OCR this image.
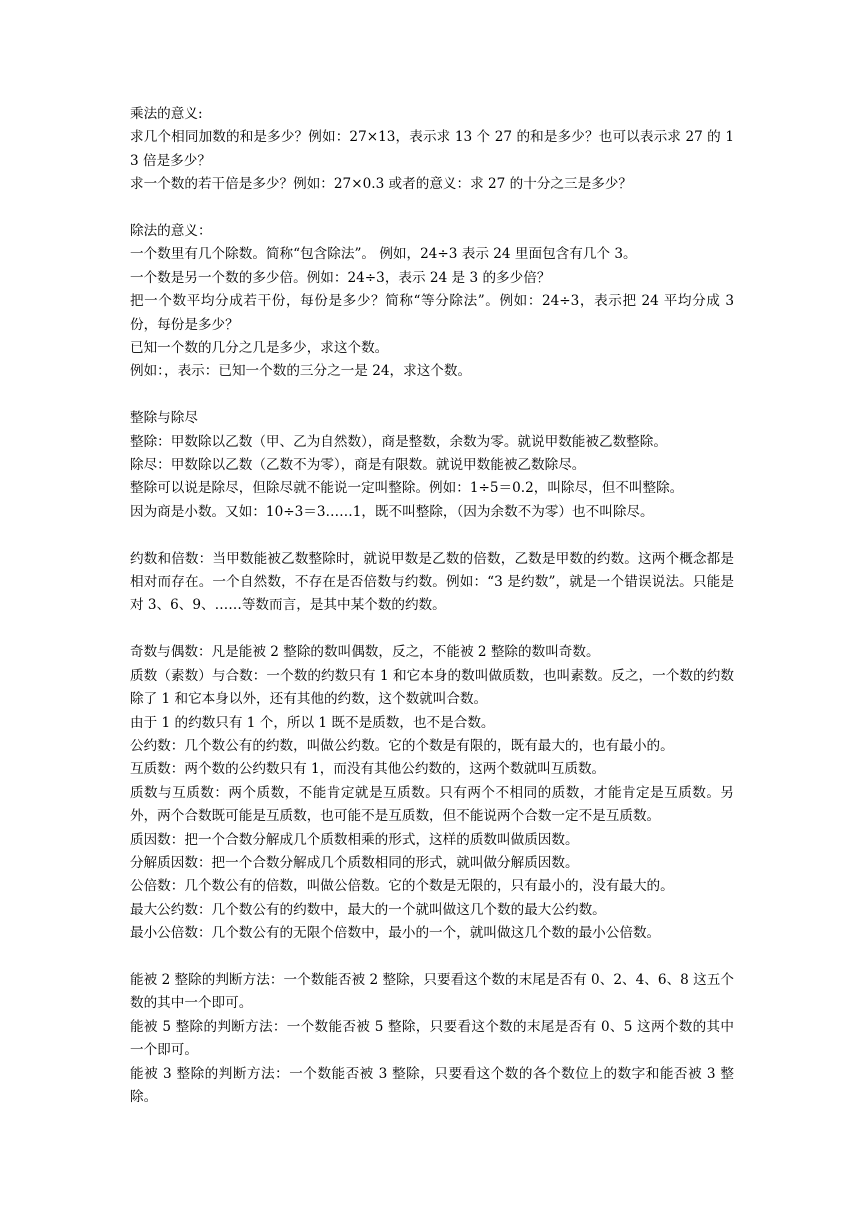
乘法的意义:
求几个相同加数的和是多少？例如：27×13，表示求 13 个 27 的和是多少？也可以表示求 27 的 13 倍是多少？
求一个数的若干倍是多少？例如：27×0.3 或者的意义：求 27 的十分之三是多少？
除法的意义：
一个数里有几个除数。简称“包含除法”。 例如，24÷3 表示 24 里面包含有几个 3。
一个数是另一个数的多少倍。例如：24÷3，表示 24 是 3 的多少倍？
把一个数平均分成若干份，每份是多少？简称“等分除法”。例如：24÷3，表示把 24 平均分成 3 份，每份是多少？
已知一个数的几分之几是多少，求这个数。
例如：，表示：已知一个数的三分之一是 24，求这个数。
整除与除尽
整除：甲数除以乙数（甲、乙为自然数），商是整数，余数为零。就说甲数能被乙数整除。
除尽：甲数除以乙数（乙数不为零），商是有限数。就说甲数能被乙数除尽。
整除可以说是除尽，但除尽就不能说一定叫整除。例如：1÷5＝0.2，叫除尽，但不叫整除。
因为商是小数。又如：10÷3＝3……1，既不叫整除，（因为余数不为零）也不叫除尽。
约数和倍数：当甲数能被乙数整除时，就说甲数是乙数的倍数，乙数是甲数的约数。这两个概念都是相对而存在。一个自然数，不存在是否倍数与约数。例如：“3 是约数”，就是一个错误说法。只能是对 3、6、9、……等数而言，是其中某个数的约数。
奇数与偶数：凡是能被 2 整除的数叫偶数，反之，不能被 2 整除的数叫奇数。
质数（素数）与合数：一个数的约数只有 1 和它本身的数叫做质数，也叫素数。反之，一个数的约数除了 1 和它本身以外，还有其他的约数，这个数就叫合数。
由于 1 的约数只有 1 个，所以 1 既不是质数，也不是合数。
公约数：几个数公有的约数，叫做公约数。它的个数是有限的，既有最大的，也有最小的。
互质数：两个数的公约数只有 1，而没有其他公约数的，这两个数就叫互质数。
质数与互质数：两个质数，不能肯定就是互质数。只有两个不相同的质数，才能肯定是互质数。另外，两个合数既可能是互质数，也可能不是互质数，但不能说两个合数一定不是互质数。
质因数：把一个合数分解成几个质数相乘的形式，这样的质数叫做质因数。
分解质因数：把一个合数分解成几个质数相同的形式，就叫做分解质因数。
公倍数：几个数公有的倍数，叫做公倍数。它的个数是无限的，只有最小的，没有最大的。
最大公约数：几个数公有的约数中，最大的一个就叫做这几个数的最大公约数。
最小公倍数：几个数公有的无限个倍数中，最小的一个，就叫做这几个数的最小公倍数。
能被 2 整除的判断方法：一个数能否被 2 整除，只要看这个数的末尾是否有 0、2、4、6、8 这五个数的其中一个即可。
能被 5 整除的判断方法：一个数能否被 5 整除，只要看这个数的末尾是否有 0、5 这两个数的其中一个即可。
能被 3 整除的判断方法：一个数能否被 3 整除，只要看这个数的各个数位上的数字和能否被 3 整除。
